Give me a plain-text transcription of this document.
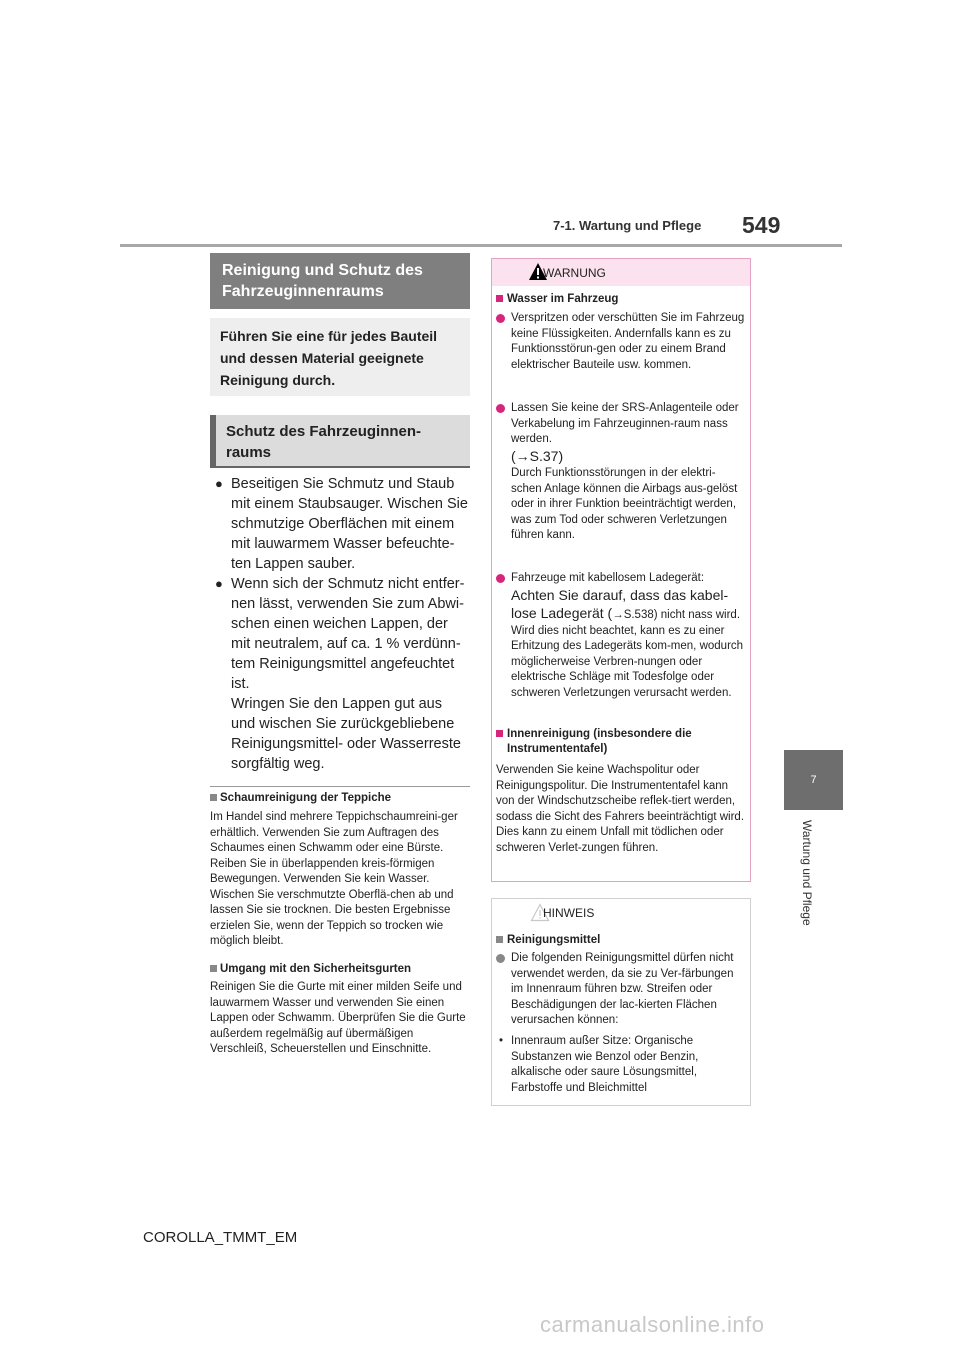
7-1. Wartung und Pflege 549
7
Wartung und Pflege
Reinigung und Schutz des Fahrzeuginnenraums
Führen Sie eine für jedes Bauteil und dessen Material geeignete Reinigung durch.
Schutz des Fahrzeuginnen-raums
● Beseitigen Sie Schmutz und Staub mit einem Staubsauger. Wischen Sie schmutzige Oberflächen mit einem mit lauwarmem Wasser befeuchte-ten Lappen sauber.
● Wenn sich der Schmutz nicht entfer-nen lässt, verwenden Sie zum Abwi-schen einen weichen Lappen, der mit neutralem, auf ca. 1 % verdünn-tem Reinigungsmittel angefeuchtet ist.
Wringen Sie den Lappen gut aus und wischen Sie zurückgebliebene Reinigungsmittel- oder Wasserreste sorgfältig weg.
Schaumreinigung der Teppiche
Im Handel sind mehrere Teppichschaumreini-ger erhältlich. Verwenden Sie zum Auftragen des Schaumes einen Schwamm oder eine Bürste. Reiben Sie in überlappenden kreis-förmigen Bewegungen. Verwenden Sie kein Wasser. Wischen Sie verschmutzte Oberflä-chen ab und lassen Sie sie trocknen. Die besten Ergebnisse erzielen Sie, wenn der Teppich so trocken wie möglich bleibt.
Umgang mit den Sicherheitsgurten
Reinigen Sie die Gurte mit einer milden Seife und lauwarmem Wasser und verwenden Sie einen Lappen oder Schwamm. Überprüfen Sie die Gurte außerdem regelmäßig auf übermäßigen Verschleiß, Scheuerstellen und Einschnitte.
WARNUNG
Wasser im Fahrzeug
Verspritzen oder verschütten Sie im Fahrzeug keine Flüssigkeiten. Andernfalls kann es zu Funktionsstörun-gen oder zu einem Brand elektrischer Bauteile usw. kommen.
Lassen Sie keine der SRS-Anlagenteile oder Verkabelung im Fahrzeuginnen-raum nass werden.
(→S.37)
Durch Funktionsstörungen in der elektri-schen Anlage können die Airbags aus-gelöst oder in ihrer Funktion beeinträchtigt werden, was zum Tod oder schweren Verletzungen führen kann.
Fahrzeuge mit kabellosem Ladegerät:
Achten Sie darauf, dass das kabel-lose Ladegerät (→S.538) nicht nass wird. Wird dies nicht beachtet, kann es zu einer Erhitzung des Ladegeräts kom-men, wodurch möglicherweise Verbren-nungen oder elektrische Schläge mit Todesfolge oder schweren Verletzungen verursacht werden.
Innenreinigung (insbesondere die Instrumententafel)
Verwenden Sie keine Wachspolitur oder Reinigungspolitur. Die Instrumententafel kann von der Windschutzscheibe reflek-tiert werden, sodass die Sicht des Fahrers beeinträchtigt wird. Dies kann zu einem Unfall mit tödlichen oder schweren Verlet-zungen führen.
HINWEIS
Reinigungsmittel
Die folgenden Reinigungsmittel dürfen nicht verwendet werden, da sie zu Ver-färbungen im Innenraum führen bzw. Streifen oder Beschädigungen der lac-kierten Flächen verursachen können:
• Innenraum außer Sitze: Organische Substanzen wie Benzol oder Benzin, alkalische oder saure Lösungsmittel, Farbstoffe und Bleichmittel
COROLLA_TMMT_EM
carmanualsonline.info
